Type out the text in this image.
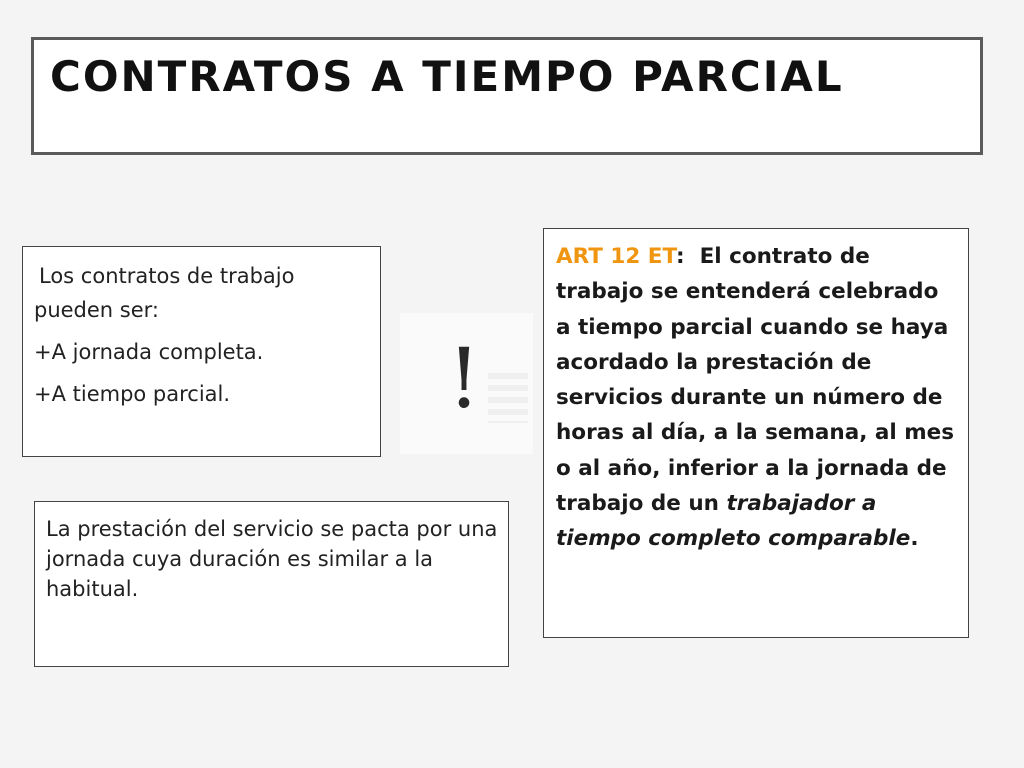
CONTRATOS A TIEMPO PARCIAL

Los contratos de trabajo pueden ser:

+A jornada completa.

+A tiempo parcial.	!

La prestación del servicio se pacta por una jornada cuya duración es similar a la habitual.

ART 12 ET: El contrato de trabajo se entenderá celebrado a tiempo parcial cuando se haya acordado la prestación de servicios durante un número de horas al día, a la semana, al mes o al año, inferior a la jornada de trabajo de un trabajador a tiempo completo comparable.
